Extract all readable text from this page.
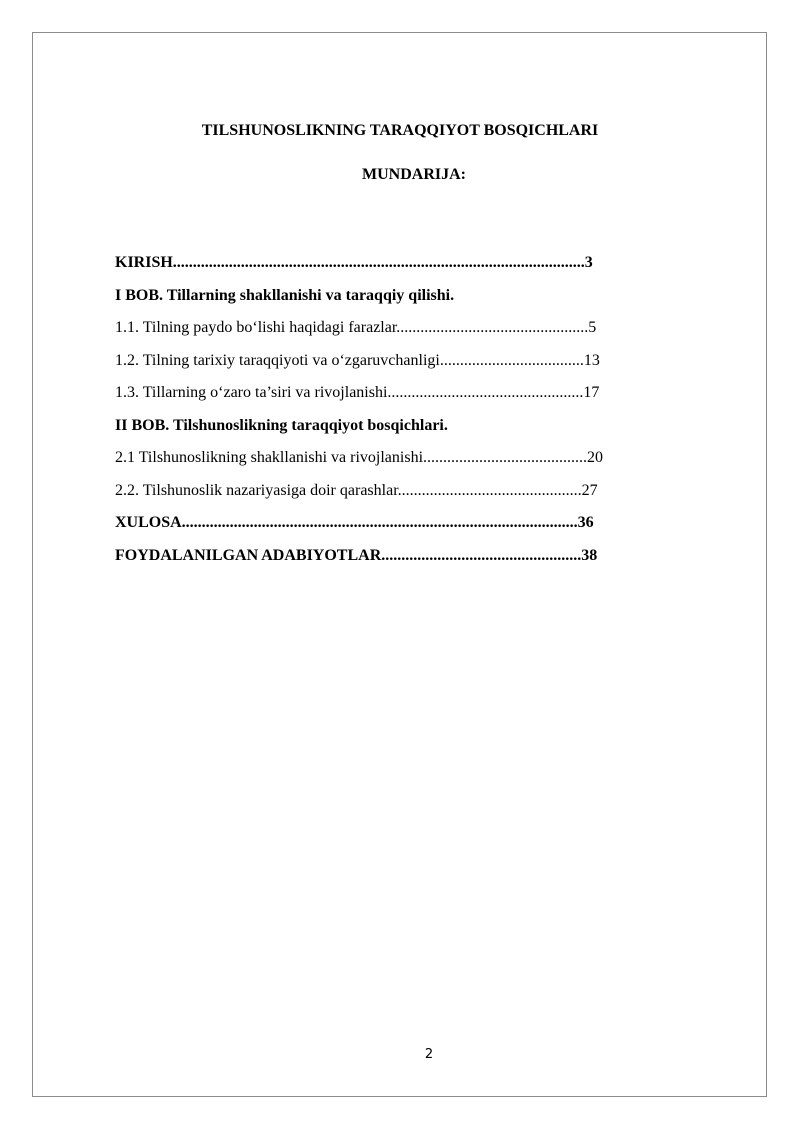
TILSHUNOSLIKNING TARAQQIYOT BOSQICHLARI
MUNDARIJA:
KIRISH.......................................................................................................3
I BOB. Tillarning shakllanishi va taraqqiy qilishi.
1.1. Tilning paydo bo‘lishi haqidagi farazlar................................................5
1.2. Tilning tarixiy taraqqiyoti va o‘zgaruvchanligi....................................13
1.3. Tillarning o‘zaro ta’siri va rivojlanishi.................................................17
II BOB. Tilshunoslikning taraqqiyot bosqichlari.
2.1 Tilshunoslikning shakllanishi va rivojlanishi.........................................20
2.2. Tilshunoslik nazariyasiga doir qarashlar..............................................27
XULOSA...................................................................................................36
FOYDALANILGAN ADABIYOTLAR..................................................38
2
